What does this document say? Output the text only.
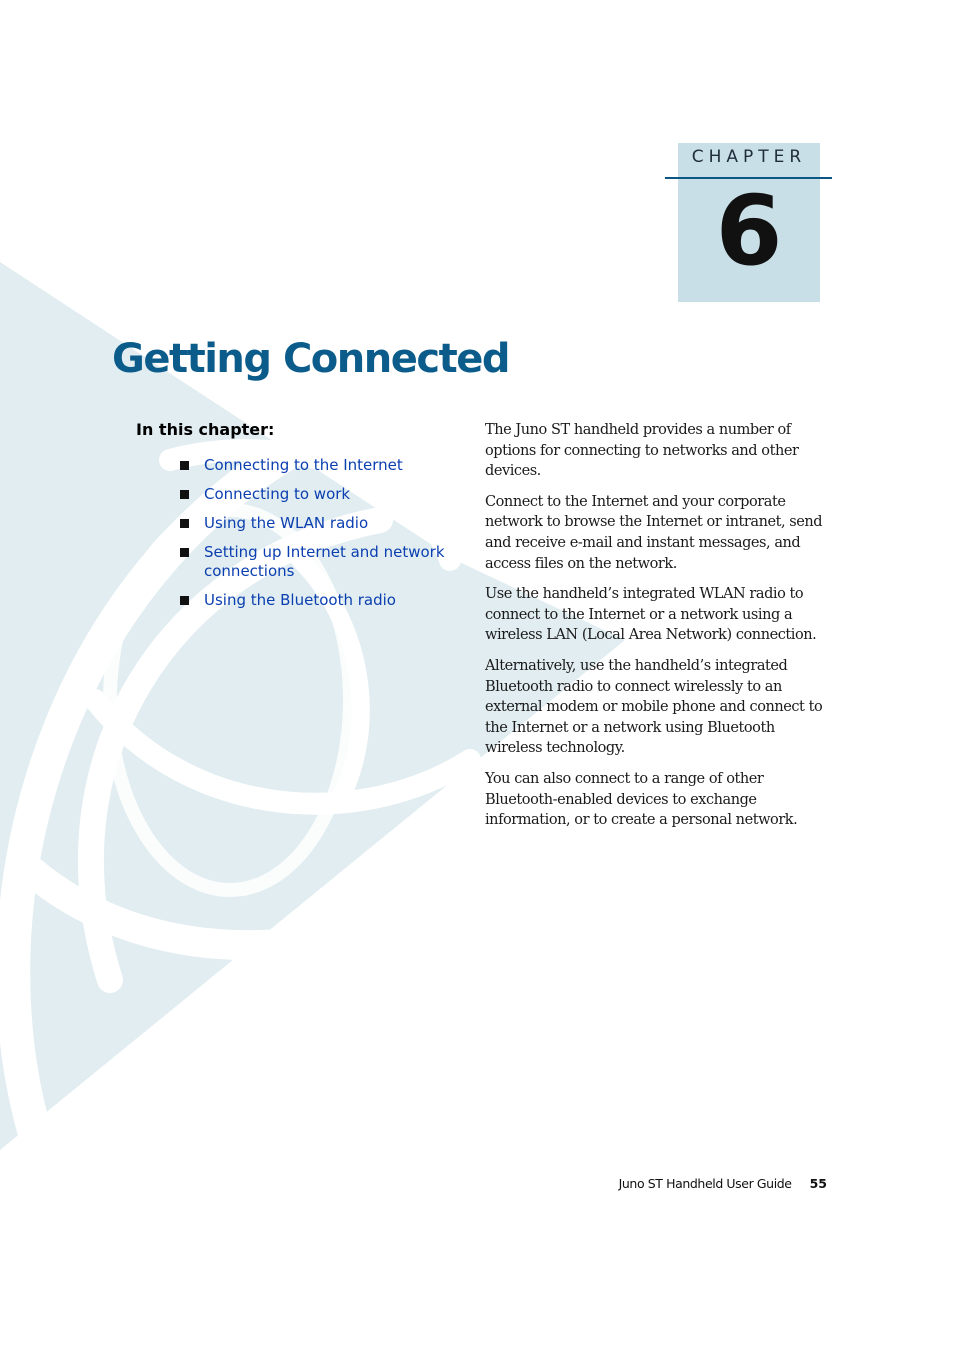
CHAPTER
6
Getting Connected
In this chapter:
Connecting to the Internet
Connecting to work
Using the WLAN radio
Setting up Internet and network connections
Using the Bluetooth radio

The Juno ST handheld provides a number of options for connecting to networks and other devices.

Connect to the Internet and your corporate network to browse the Internet or intranet, send and receive e-mail and instant messages, and access files on the network.

Use the handheld’s integrated WLAN radio to connect to the Internet or a network using a wireless LAN (Local Area Network) connection.

Alternatively, use the handheld’s integrated Bluetooth radio to connect wirelessly to an external modem or mobile phone and connect to the Internet or a network using Bluetooth wireless technology.

You can also connect to a range of other Bluetooth-enabled devices to exchange information, or to create a personal network.

Juno ST Handheld User Guide 55
